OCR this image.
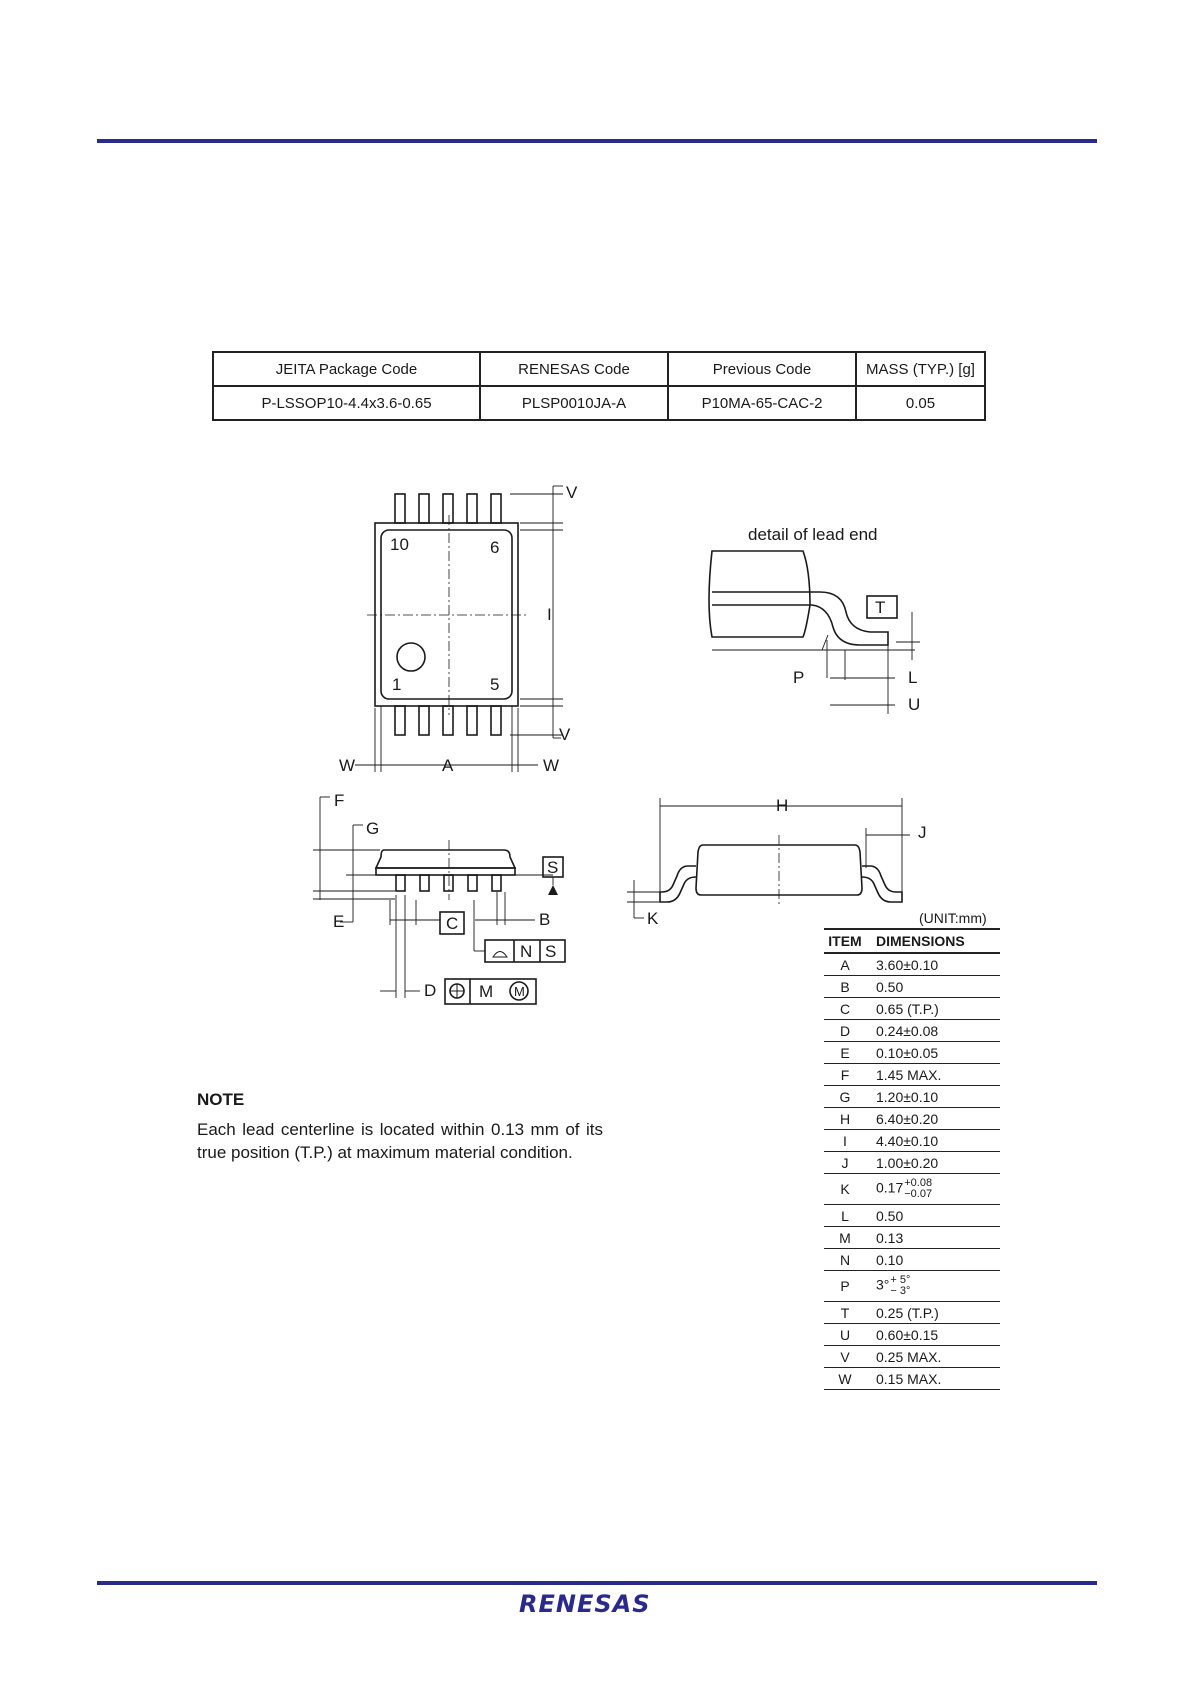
JEITA Package Code	RENESAS Code	Previous Code	MASS (TYP.) [g]
P-LSSOP10-4.4x3.6-0.65	PLSP0010JA-A	P10MA-65-CAC-2	0.05
10	6
1	5
V
I
V
W	A	W
detail of lead end
T
P	L
U
F
G
S
E	C	B
N S
D	M M
H
J
K	(UNIT:mm)
ITEM	DIMENSIONS
A	3.60±0.10
B	0.50
C	0.65 (T.P.)
D	0.24±0.08
E	0.10±0.05
F	1.45 MAX.
G	1.20±0.10
H	6.40±0.20
I	4.40±0.10
J	1.00±0.20
K	0.17 +0.08
−0.07

L	0.50
M	0.13
N	0.10
P	3° + 5°
− 3°

T	0.25 (T.P.)
U	0.60±0.15
V	0.25 MAX.
W	0.15 MAX.
NOTE
Each lead centerline is located within 0.13 mm of its true position (T.P.) at maximum material condition.
RENESAS
